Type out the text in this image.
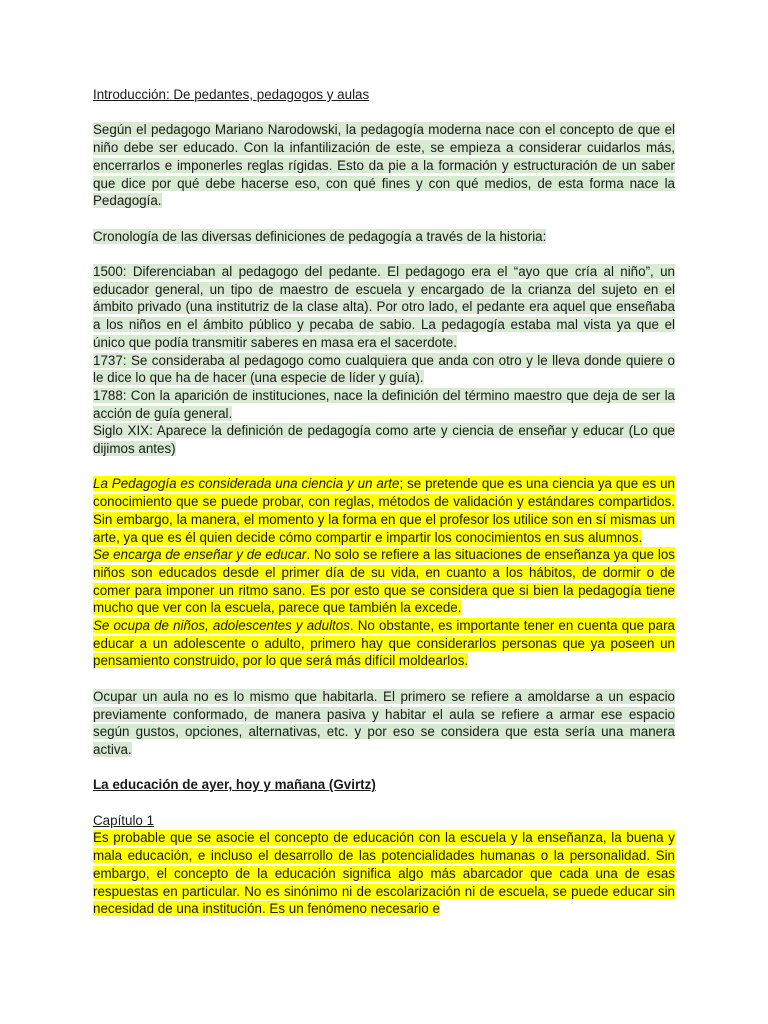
Introducción: De pedantes, pedagogos y aulas

Según el pedagogo Mariano Narodowski, la pedagogía moderna nace con el concepto de que el niño debe ser educado. Con la infantilización de este, se empieza a considerar cuidarlos más, encerrarlos e imponerles reglas rígidas. Esto da pie a la formación y estructuración de un saber que dice por qué debe hacerse eso, con qué fines y con qué medios, de esta forma nace la Pedagogía.

Cronología de las diversas definiciones de pedagogía a través de la historia:

1500: Diferenciaban al pedagogo del pedante. El pedagogo era el “ayo que cría al niño”, un educador general, un tipo de maestro de escuela y encargado de la crianza del sujeto en el ámbito privado (una institutriz de la clase alta). Por otro lado, el pedante era aquel que enseñaba a los niños en el ámbito público y pecaba de sabio. La pedagogía estaba mal vista ya que el único que podía transmitir saberes en masa era el sacerdote.

1737: Se consideraba al pedagogo como cualquiera que anda con otro y le lleva donde quiere o le dice lo que ha de hacer (una especie de líder y guía).

1788: Con la aparición de instituciones, nace la definición del término maestro que deja de ser la acción de guía general.

Siglo XIX: Aparece la definición de pedagogía como arte y ciencia de enseñar y educar (Lo que dijimos antes)

La Pedagogía es considerada una ciencia y un arte; se pretende que es una ciencia ya que es un conocimiento que se puede probar, con reglas, métodos de validación y estándares compartidos. Sin embargo, la manera, el momento y la forma en que el profesor los utilice son en sí mismas un arte, ya que es él quien decide cómo compartir e impartir los conocimientos en sus alumnos.

Se encarga de enseñar y de educar. No solo se refiere a las situaciones de enseñanza ya que los niños son educados desde el primer día de su vida, en cuanto a los hábitos, de dormir o de comer para imponer un ritmo sano. Es por esto que se considera que si bien la pedagogía tiene mucho que ver con la escuela, parece que también la excede.

Se ocupa de niños, adolescentes y adultos. No obstante, es importante tener en cuenta que para educar a un adolescente o adulto, primero hay que considerarlos personas que ya poseen un pensamiento construido, por lo que será más difícil moldearlos.

Ocupar un aula no es lo mismo que habitarla. El primero se refiere a amoldarse a un espacio previamente conformado, de manera pasiva y habitar el aula se refiere a armar ese espacio según gustos, opciones, alternativas, etc. y por eso se considera que esta sería una manera activa.

La educación de ayer, hoy y mañana (Gvirtz)

Capítulo 1

Es probable que se asocie el concepto de educación con la escuela y la enseñanza, la buena y mala educación, e incluso el desarrollo de las potencialidades humanas o la personalidad. Sin embargo, el concepto de la educación significa algo más abarcador que cada una de esas respuestas en particular. No es sinónimo ni de escolarización ni de escuela, se puede educar sin necesidad de una institución. Es un fenómeno necesario e
